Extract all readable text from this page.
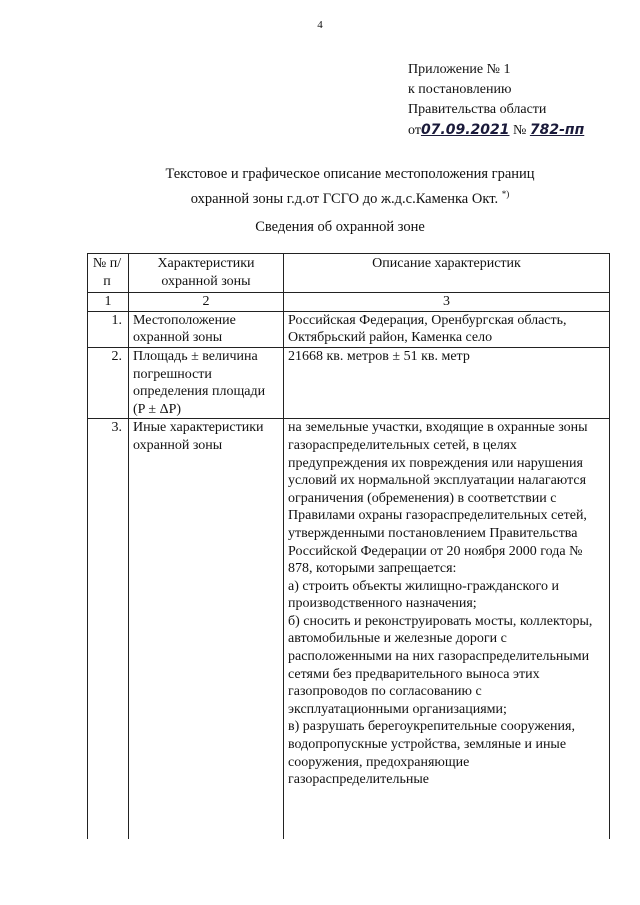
4
Приложение № 1
к постановлению
Правительства области
от07.09.2021 № 782-пп
Текстовое и графическое описание местоположения границ
охранной зоны г.д.от ГСГО до ж.д.с.Каменка Окт. *)
Сведения об охранной зоне
№ п/п	Характеристики охранной зоны	Описание характеристик
1	2	3
1.	Местоположение охранной зоны	Российская Федерация, Оренбургская область, Октябрьский район, Каменка село
2.	Площадь ± величина погрешности определения площади (P ± ΔP)	21668 кв. метров ± 51 кв. метр
3.	Иные характеристики охранной зоны	на земельные участки, входящие в охранные зоны газораспределительных сетей, в целях предупреждения их повреждения или нарушения условий их нормальной эксплуатации налагаются ограничения (обременения) в соответствии с Правилами охраны газораспределительных сетей, утвержденными постановлением Правительства Российской Федерации от 20 ноября 2000 года № 878, которыми запрещается:
а) строить объекты жилищно-гражданского и производственного назначения;
б) сносить и реконструировать мосты, коллекторы, автомобильные и железные дороги с расположенными на них газораспределительными сетями без предварительного выноса этих газопроводов по согласованию с эксплуатационными организациями;
в) разрушать берегоукрепительные сооружения, водопропускные устройства, земляные и иные сооружения, предохраняющие газораспределительные
